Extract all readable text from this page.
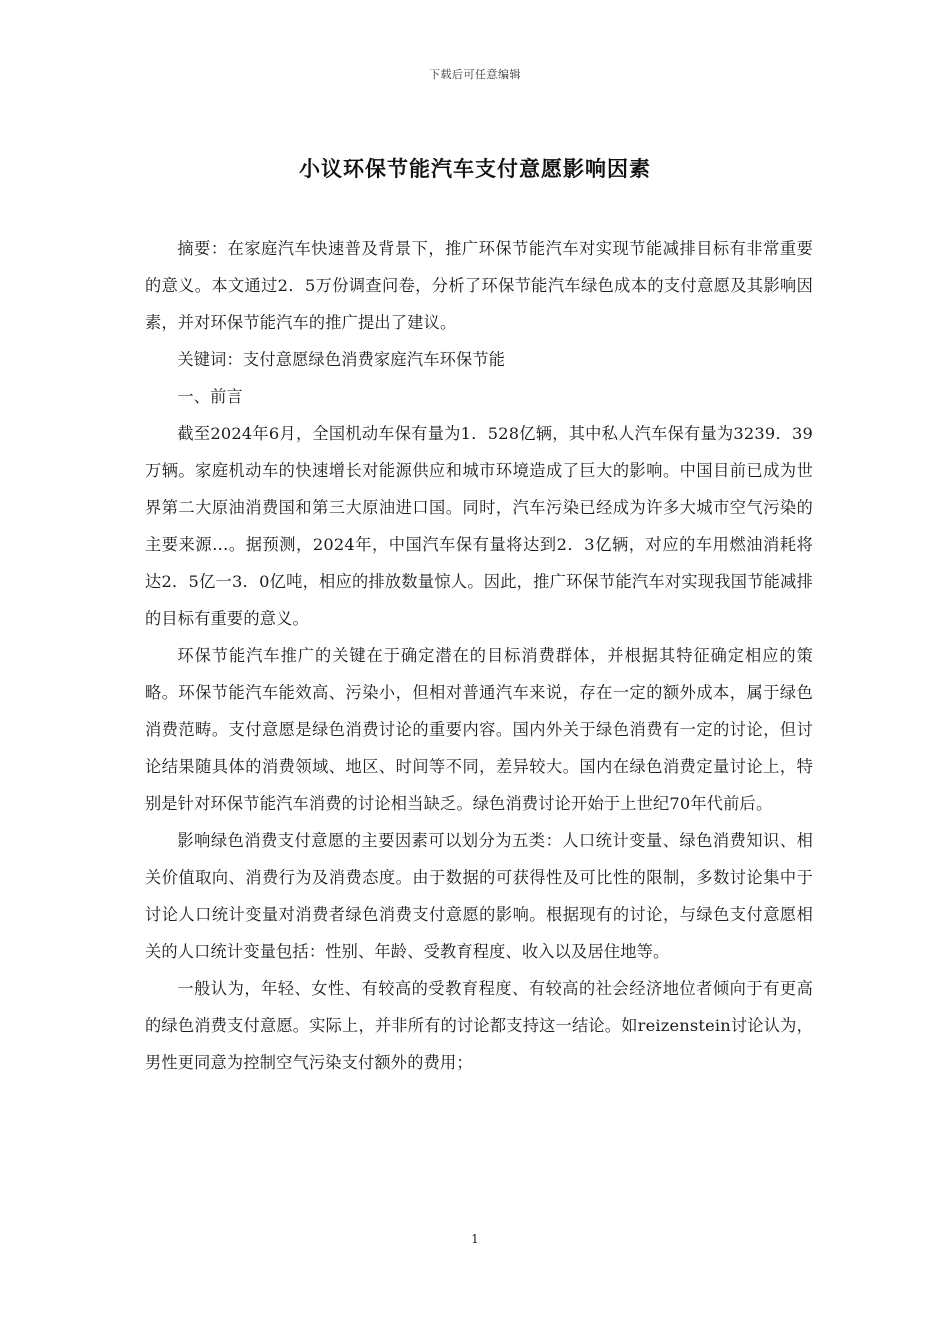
下载后可任意编辑
小议环保节能汽车支付意愿影响因素

摘要：在家庭汽车快速普及背景下，推广环保节能汽车对实现节能减排目标有非常重要的意义。本文通过2．5万份调查问卷，分析了环保节能汽车绿色成本的支付意愿及其影响因素，并对环保节能汽车的推广提出了建议。

关键词：支付意愿绿色消费家庭汽车环保节能

一、前言

截至2024年6月，全国机动车保有量为1．528亿辆，其中私人汽车保有量为3239．39万辆。家庭机动车的快速增长对能源供应和城市环境造成了巨大的影响。中国目前已成为世界第二大原油消费国和第三大原油进口国。同时，汽车污染已经成为许多大城市空气污染的主要来源…。据预测，2024年，中国汽车保有量将达到2．3亿辆，对应的车用燃油消耗将达2．5亿一3．0亿吨，相应的排放数量惊人。因此，推广环保节能汽车对实现我国节能减排的目标有重要的意义。

环保节能汽车推广的关键在于确定潜在的目标消费群体，并根据其特征确定相应的策略。环保节能汽车能效高、污染小，但相对普通汽车来说，存在一定的额外成本，属于绿色消费范畴。支付意愿是绿色消费讨论的重要内容。国内外关于绿色消费有一定的讨论，但讨论结果随具体的消费领域、地区、时间等不同，差异较大。国内在绿色消费定量讨论上，特别是针对环保节能汽车消费的讨论相当缺乏。绿色消费讨论开始于上世纪70年代前后。

影响绿色消费支付意愿的主要因素可以划分为五类：人口统计变量、绿色消费知识、相关价值取向、消费行为及消费态度。由于数据的可获得性及可比性的限制，多数讨论集中于讨论人口统计变量对消费者绿色消费支付意愿的影响。根据现有的讨论，与绿色支付意愿相关的人口统计变量包括：性别、年龄、受教育程度、收入以及居住地等。

一般认为，年轻、女性、有较高的受教育程度、有较高的社会经济地位者倾向于有更高的绿色消费支付意愿。实际上，并非所有的讨论都支持这一结论。如reizenstein讨论认为，男性更同意为控制空气污染支付额外的费用；

1
